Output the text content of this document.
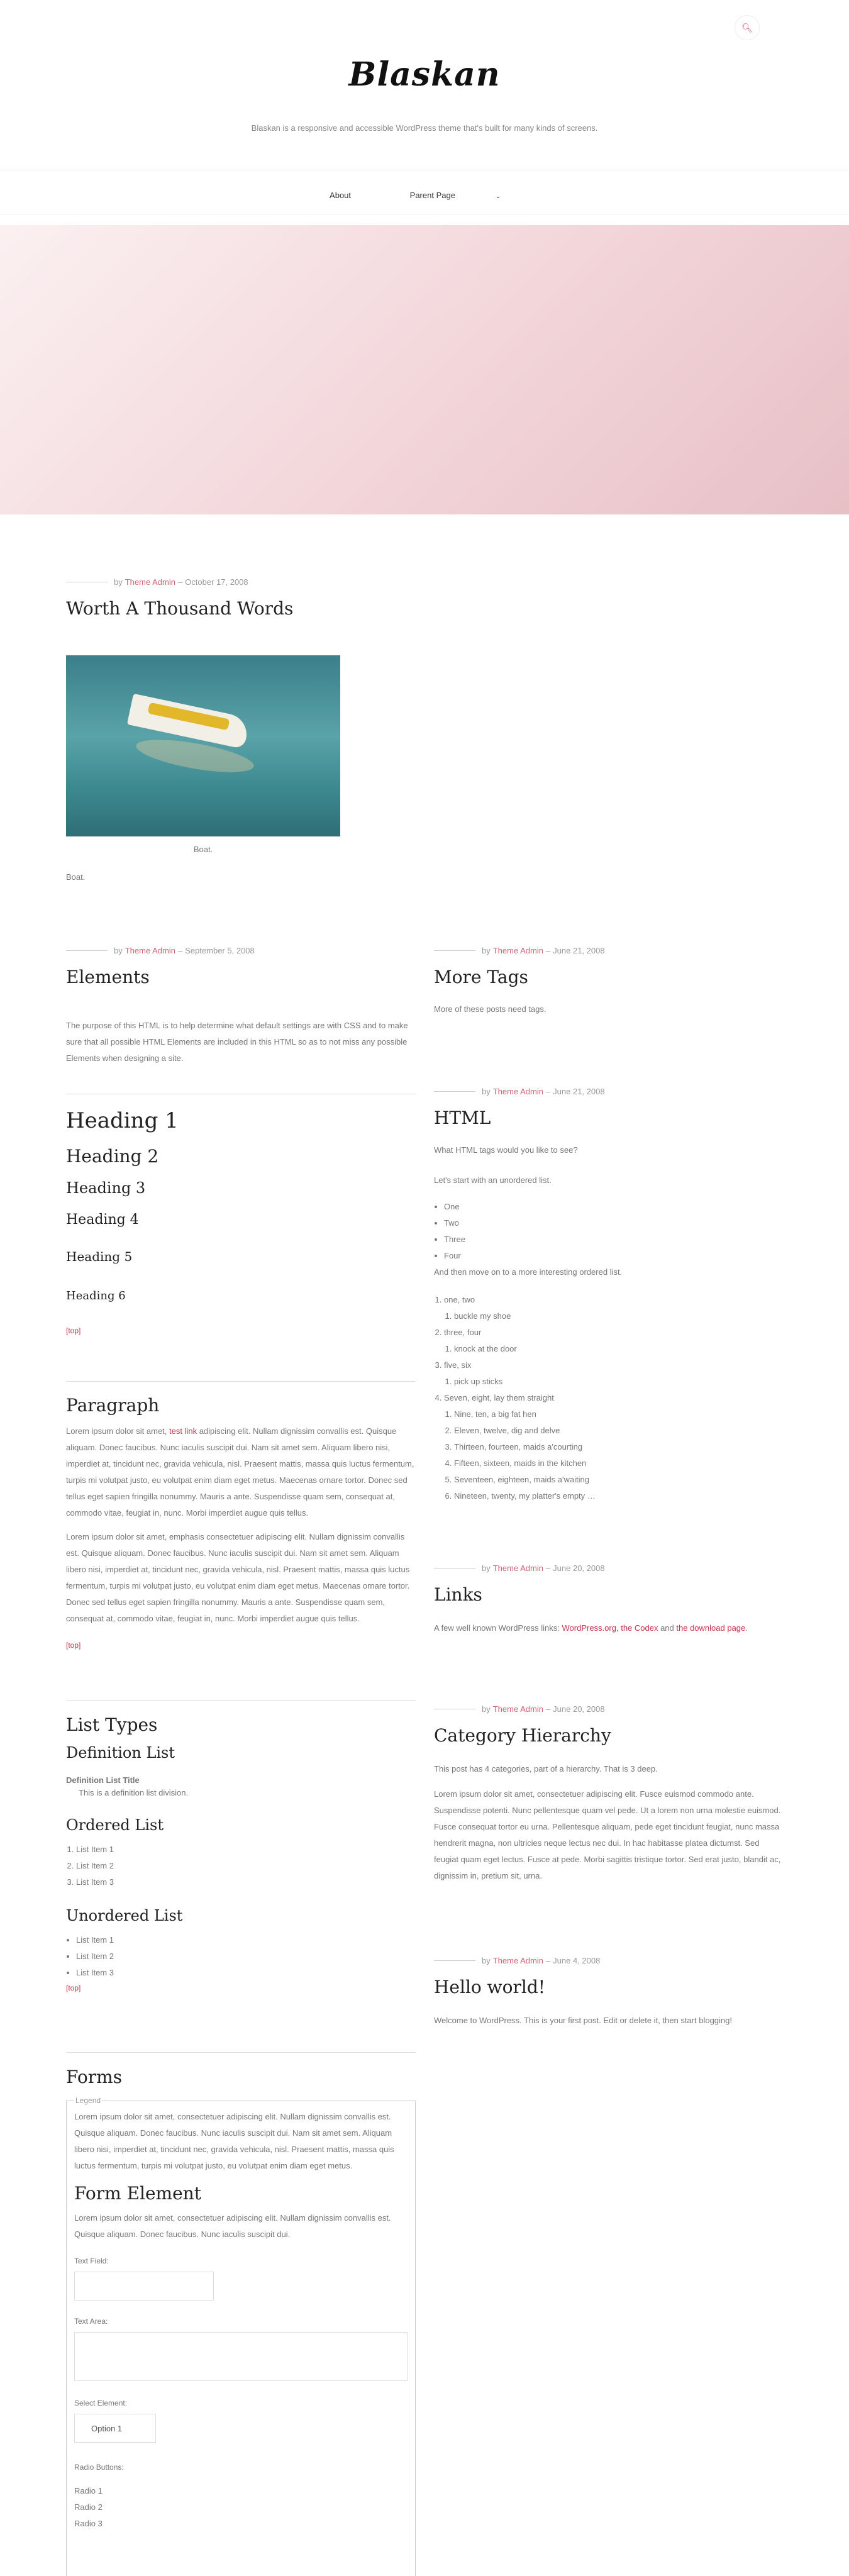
🔍︎
Blaskan
Blaskan is a responsive and accessible WordPress theme that's built for many kinds of screens.
About	Parent Page	⌄
by Theme Admin – October 17, 2008
Worth A Thousand Words
Boat.
Boat.
by Theme Admin – September 5, 2008
Elements

The purpose of this HTML is to help determine what default settings are with CSS and to make sure that all possible HTML Elements are included in this HTML so as to not miss any possible Elements when designing a site.

Heading 1
Heading 2
Heading 3
Heading 4
Heading 5
Heading 6
[top]
Paragraph

Lorem ipsum dolor sit amet, test link adipiscing elit. Nullam dignissim convallis est. Quisque aliquam. Donec faucibus. Nunc iaculis suscipit dui. Nam sit amet sem. Aliquam libero nisi, imperdiet at, tincidunt nec, gravida vehicula, nisl. Praesent mattis, massa quis luctus fermentum, turpis mi volutpat justo, eu volutpat enim diam eget metus. Maecenas ornare tortor. Donec sed tellus eget sapien fringilla nonummy. Mauris a ante. Suspendisse quam sem, consequat at, commodo vitae, feugiat in, nunc. Morbi imperdiet augue quis tellus.

Lorem ipsum dolor sit amet, emphasis consectetuer adipiscing elit. Nullam dignissim convallis est. Quisque aliquam. Donec faucibus. Nunc iaculis suscipit dui. Nam sit amet sem. Aliquam libero nisi, imperdiet at, tincidunt nec, gravida vehicula, nisl. Praesent mattis, massa quis luctus fermentum, turpis mi volutpat justo, eu volutpat enim diam eget metus. Maecenas ornare tortor. Donec sed tellus eget sapien fringilla nonummy. Mauris a ante. Suspendisse quam sem, consequat at, commodo vitae, feugiat in, nunc. Morbi imperdiet augue quis tellus.

[top]
List Types
Definition List
Definition List Title
This is a definition list division.
Ordered List
1. List Item 1
2. List Item 2
3. List Item 3
Unordered List
• List Item 1
• List Item 2
• List Item 3
[top]
Forms
Legend

Lorem ipsum dolor sit amet, consectetuer adipiscing elit. Nullam dignissim convallis est. Quisque aliquam. Donec faucibus. Nunc iaculis suscipit dui. Nam sit amet sem. Aliquam libero nisi, imperdiet at, tincidunt nec, gravida vehicula, nisl. Praesent mattis, massa quis luctus fermentum, turpis mi volutpat justo, eu volutpat enim diam eget metus.

Form Element

Lorem ipsum dolor sit amet, consectetuer adipiscing elit. Nullam dignissim convallis est. Quisque aliquam. Donec faucibus. Nunc iaculis suscipit dui.

Text Field:
Text Area:
Select Element:
Option 1
Radio Buttons:
Radio 1
Radio 2
Radio 3
by Theme Admin – June 21, 2008
More Tags

More of these posts need tags.

by Theme Admin – June 21, 2008
HTML

What HTML tags would you like to see?

Let's start with an unordered list.

• One
• Two
• Three
• Four

And then move on to a more interesting ordered list.

1. one, two
1. buckle my shoe
2. three, four
1. knock at the door
3. five, six
1. pick up sticks
4. Seven, eight, lay them straight
1. Nine, ten, a big fat hen
2. Eleven, twelve, dig and delve
3. Thirteen, fourteen, maids a'courting
4. Fifteen, sixteen, maids in the kitchen
5. Seventeen, eighteen, maids a'waiting
6. Nineteen, twenty, my platter's empty …
by Theme Admin – June 20, 2008
Links

A few well known WordPress links: WordPress.org, the Codex and the download page.

by Theme Admin – June 20, 2008
Category Hierarchy

This post has 4 categories, part of a hierarchy. That is 3 deep.

Lorem ipsum dolor sit amet, consectetuer adipiscing elit. Fusce euismod commodo ante. Suspendisse potenti. Nunc pellentesque quam vel pede. Ut a lorem non urna molestie euismod. Fusce consequat tortor eu urna. Pellentesque aliquam, pede eget tincidunt feugiat, nunc massa hendrerit magna, non ultricies neque lectus nec dui. In hac habitasse platea dictumst. Sed feugiat quam eget lectus. Fusce at pede. Morbi sagittis tristique tortor. Sed erat justo, blandit ac, dignissim in, pretium sit, urna.

by Theme Admin – June 4, 2008
Hello world!

Welcome to WordPress. This is your first post. Edit or delete it, then start blogging!
